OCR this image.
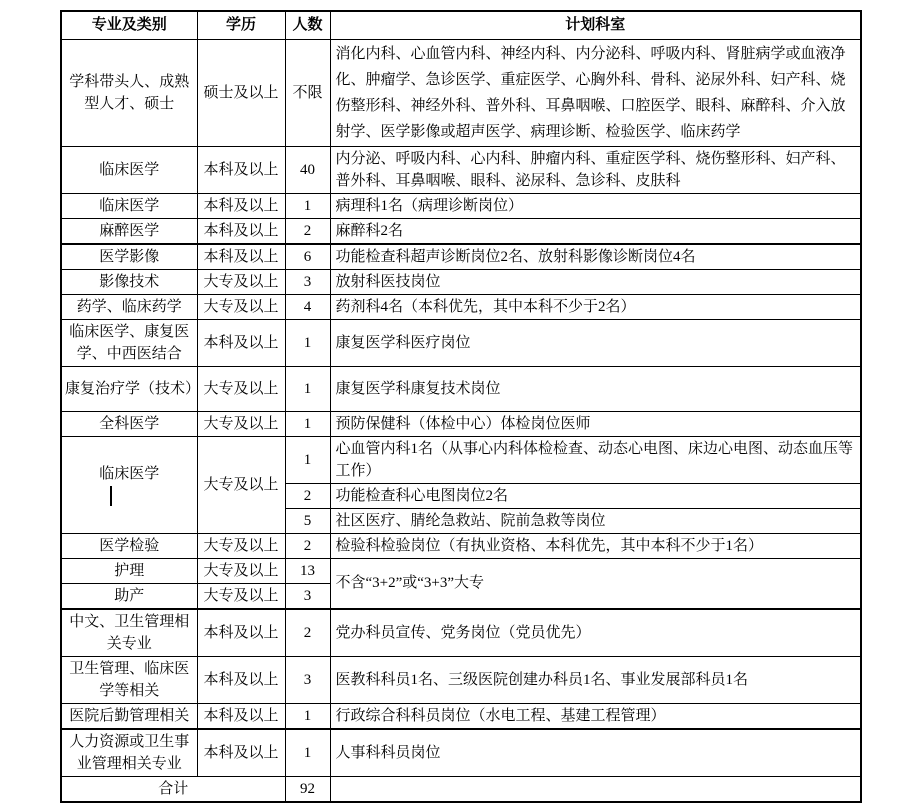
专业及类别	学历	人数	计划科室
学科带头人、成熟型人才、硕士	硕士及以上	不限	消化内科、心血管内科、神经内科、内分泌科、呼吸内科、肾脏病学或血液净化、肿瘤学、急诊医学、重症医学、心胸外科、骨科、泌尿外科、妇产科、烧伤整形科、神经外科、普外科、耳鼻咽喉、口腔医学、眼科、麻醉科、介入放射学、医学影像或超声医学、病理诊断、检验医学、临床药学
临床医学	本科及以上	40	内分泌、呼吸内科、心内科、肿瘤内科、重症医学科、烧伤整形科、妇产科、普外科、耳鼻咽喉、眼科、泌尿科、急诊科、皮肤科
临床医学	本科及以上	1	病理科1名（病理诊断岗位）
麻醉医学	本科及以上	2	麻醉科2名
医学影像	本科及以上	6	功能检查科超声诊断岗位2名、放射科影像诊断岗位4名
影像技术	大专及以上	3	放射科医技岗位
药学、临床药学	大专及以上	4	药剂科4名（本科优先，其中本科不少于2名）
临床医学、康复医学、中西医结合	本科及以上	1	康复医学科医疗岗位
康复治疗学（技术）	大专及以上	1	康复医学科康复技术岗位
全科医学	大专及以上	1	预防保健科（体检中心）体检岗位医师

临床医学	大专及以上	1	心血管内科1名（从事心内科体检检查、动态心电图、床边心电图、动态血压等工作）
		2	功能检查科心电图岗位2名
		5	社区医疗、腈纶急救站、院前急救等岗位
医学检验	大专及以上	2	检验科检验岗位（有执业资格、本科优先，其中本科不少于1名）
护理	大专及以上	13	不含“3+2”或“3+3”大专
助产	大专及以上	3	
中文、卫生管理相关专业	本科及以上	2	党办科员宣传、党务岗位（党员优先）
卫生管理、临床医学等相关	本科及以上	3	医教科科员1名、三级医院创建办科员1名、事业发展部科员1名
医院后勤管理相关	本科及以上	1	行政综合科科员岗位（水电工程、基建工程管理）
人力资源或卫生事业管理相关专业	本科及以上	1	人事科科员岗位
合计		92	
